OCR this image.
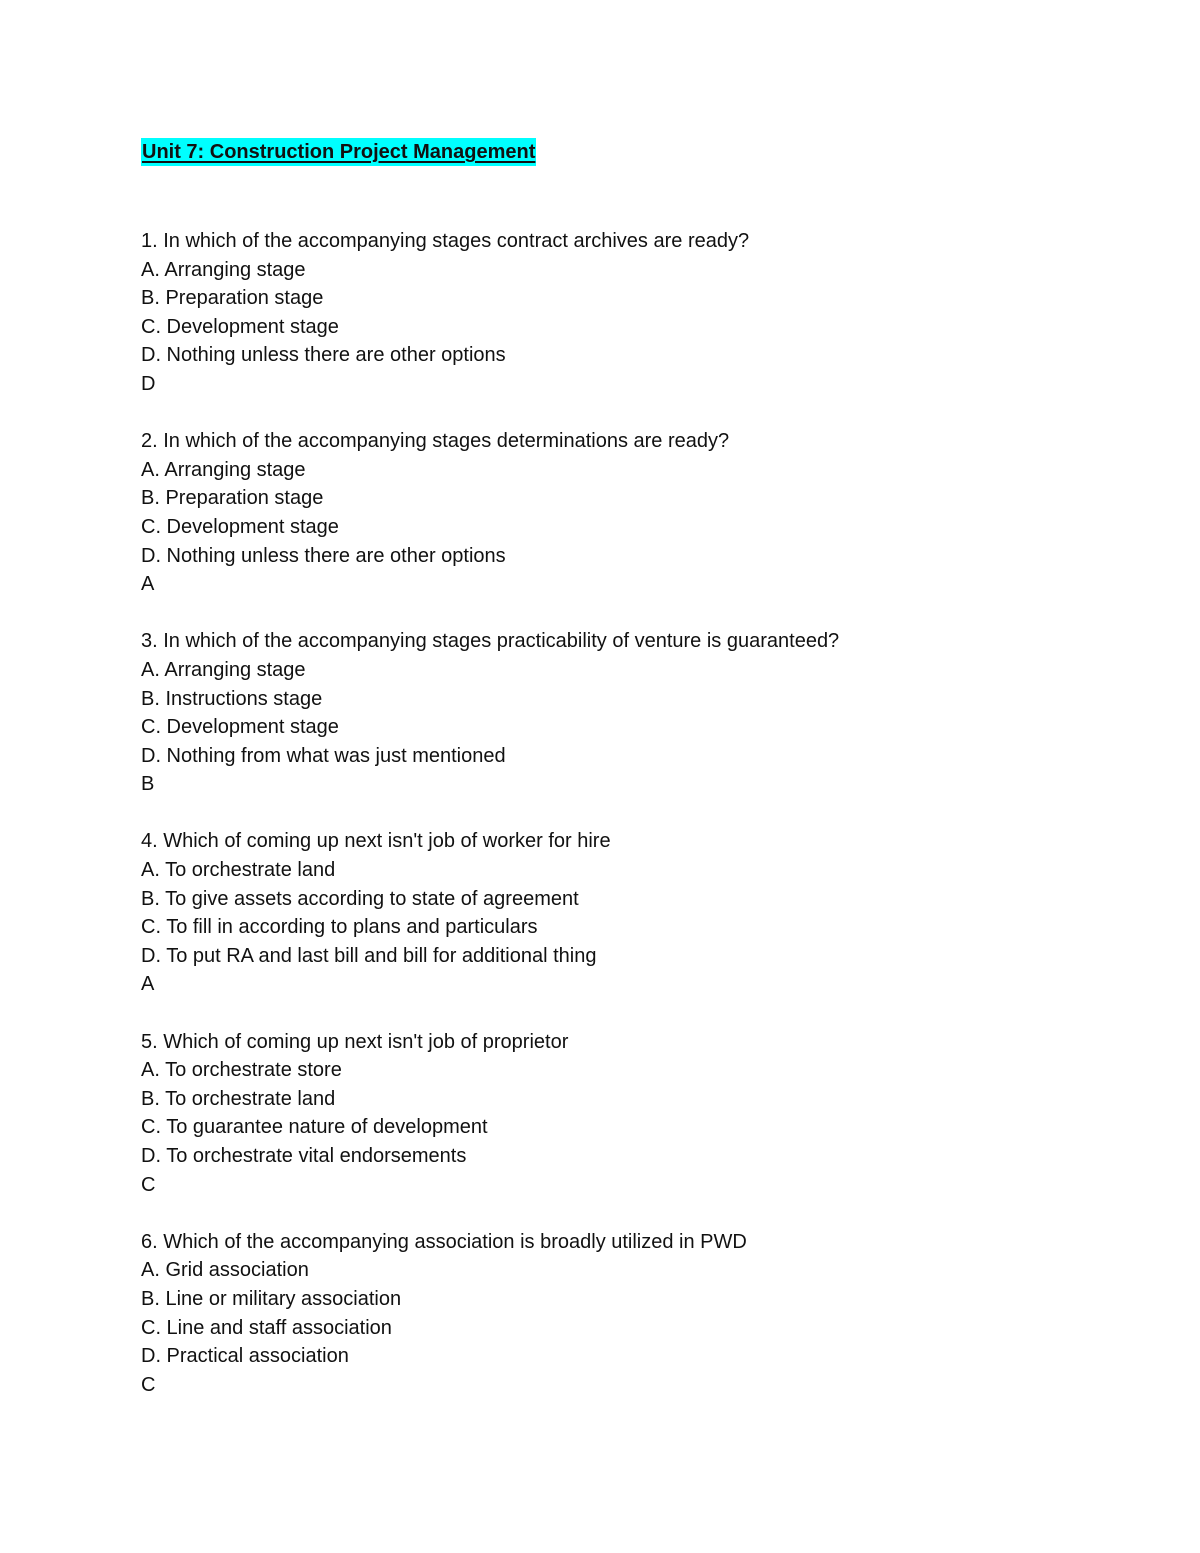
Unit 7: Construction Project Management
1. In which of the accompanying stages contract archives are ready?
A. Arranging stage
B. Preparation stage
C. Development stage
D. Nothing unless there are other options
D
2. In which of the accompanying stages determinations are ready?
A. Arranging stage
B. Preparation stage
C. Development stage
D. Nothing unless there are other options
A
3. In which of the accompanying stages practicability of venture is guaranteed?
A. Arranging stage
B. Instructions stage
C. Development stage
D. Nothing from what was just mentioned
B
4. Which of coming up next isn't job of worker for hire
A. To orchestrate land
B. To give assets according to state of agreement
C. To fill in according to plans and particulars
D. To put RA and last bill and bill for additional thing
A
5. Which of coming up next isn't job of proprietor
A. To orchestrate store
B. To orchestrate land
C. To guarantee nature of development
D. To orchestrate vital endorsements
C
6. Which of the accompanying association is broadly utilized in PWD
A. Grid association
B. Line or military association
C. Line and staff association
D. Practical association
C
